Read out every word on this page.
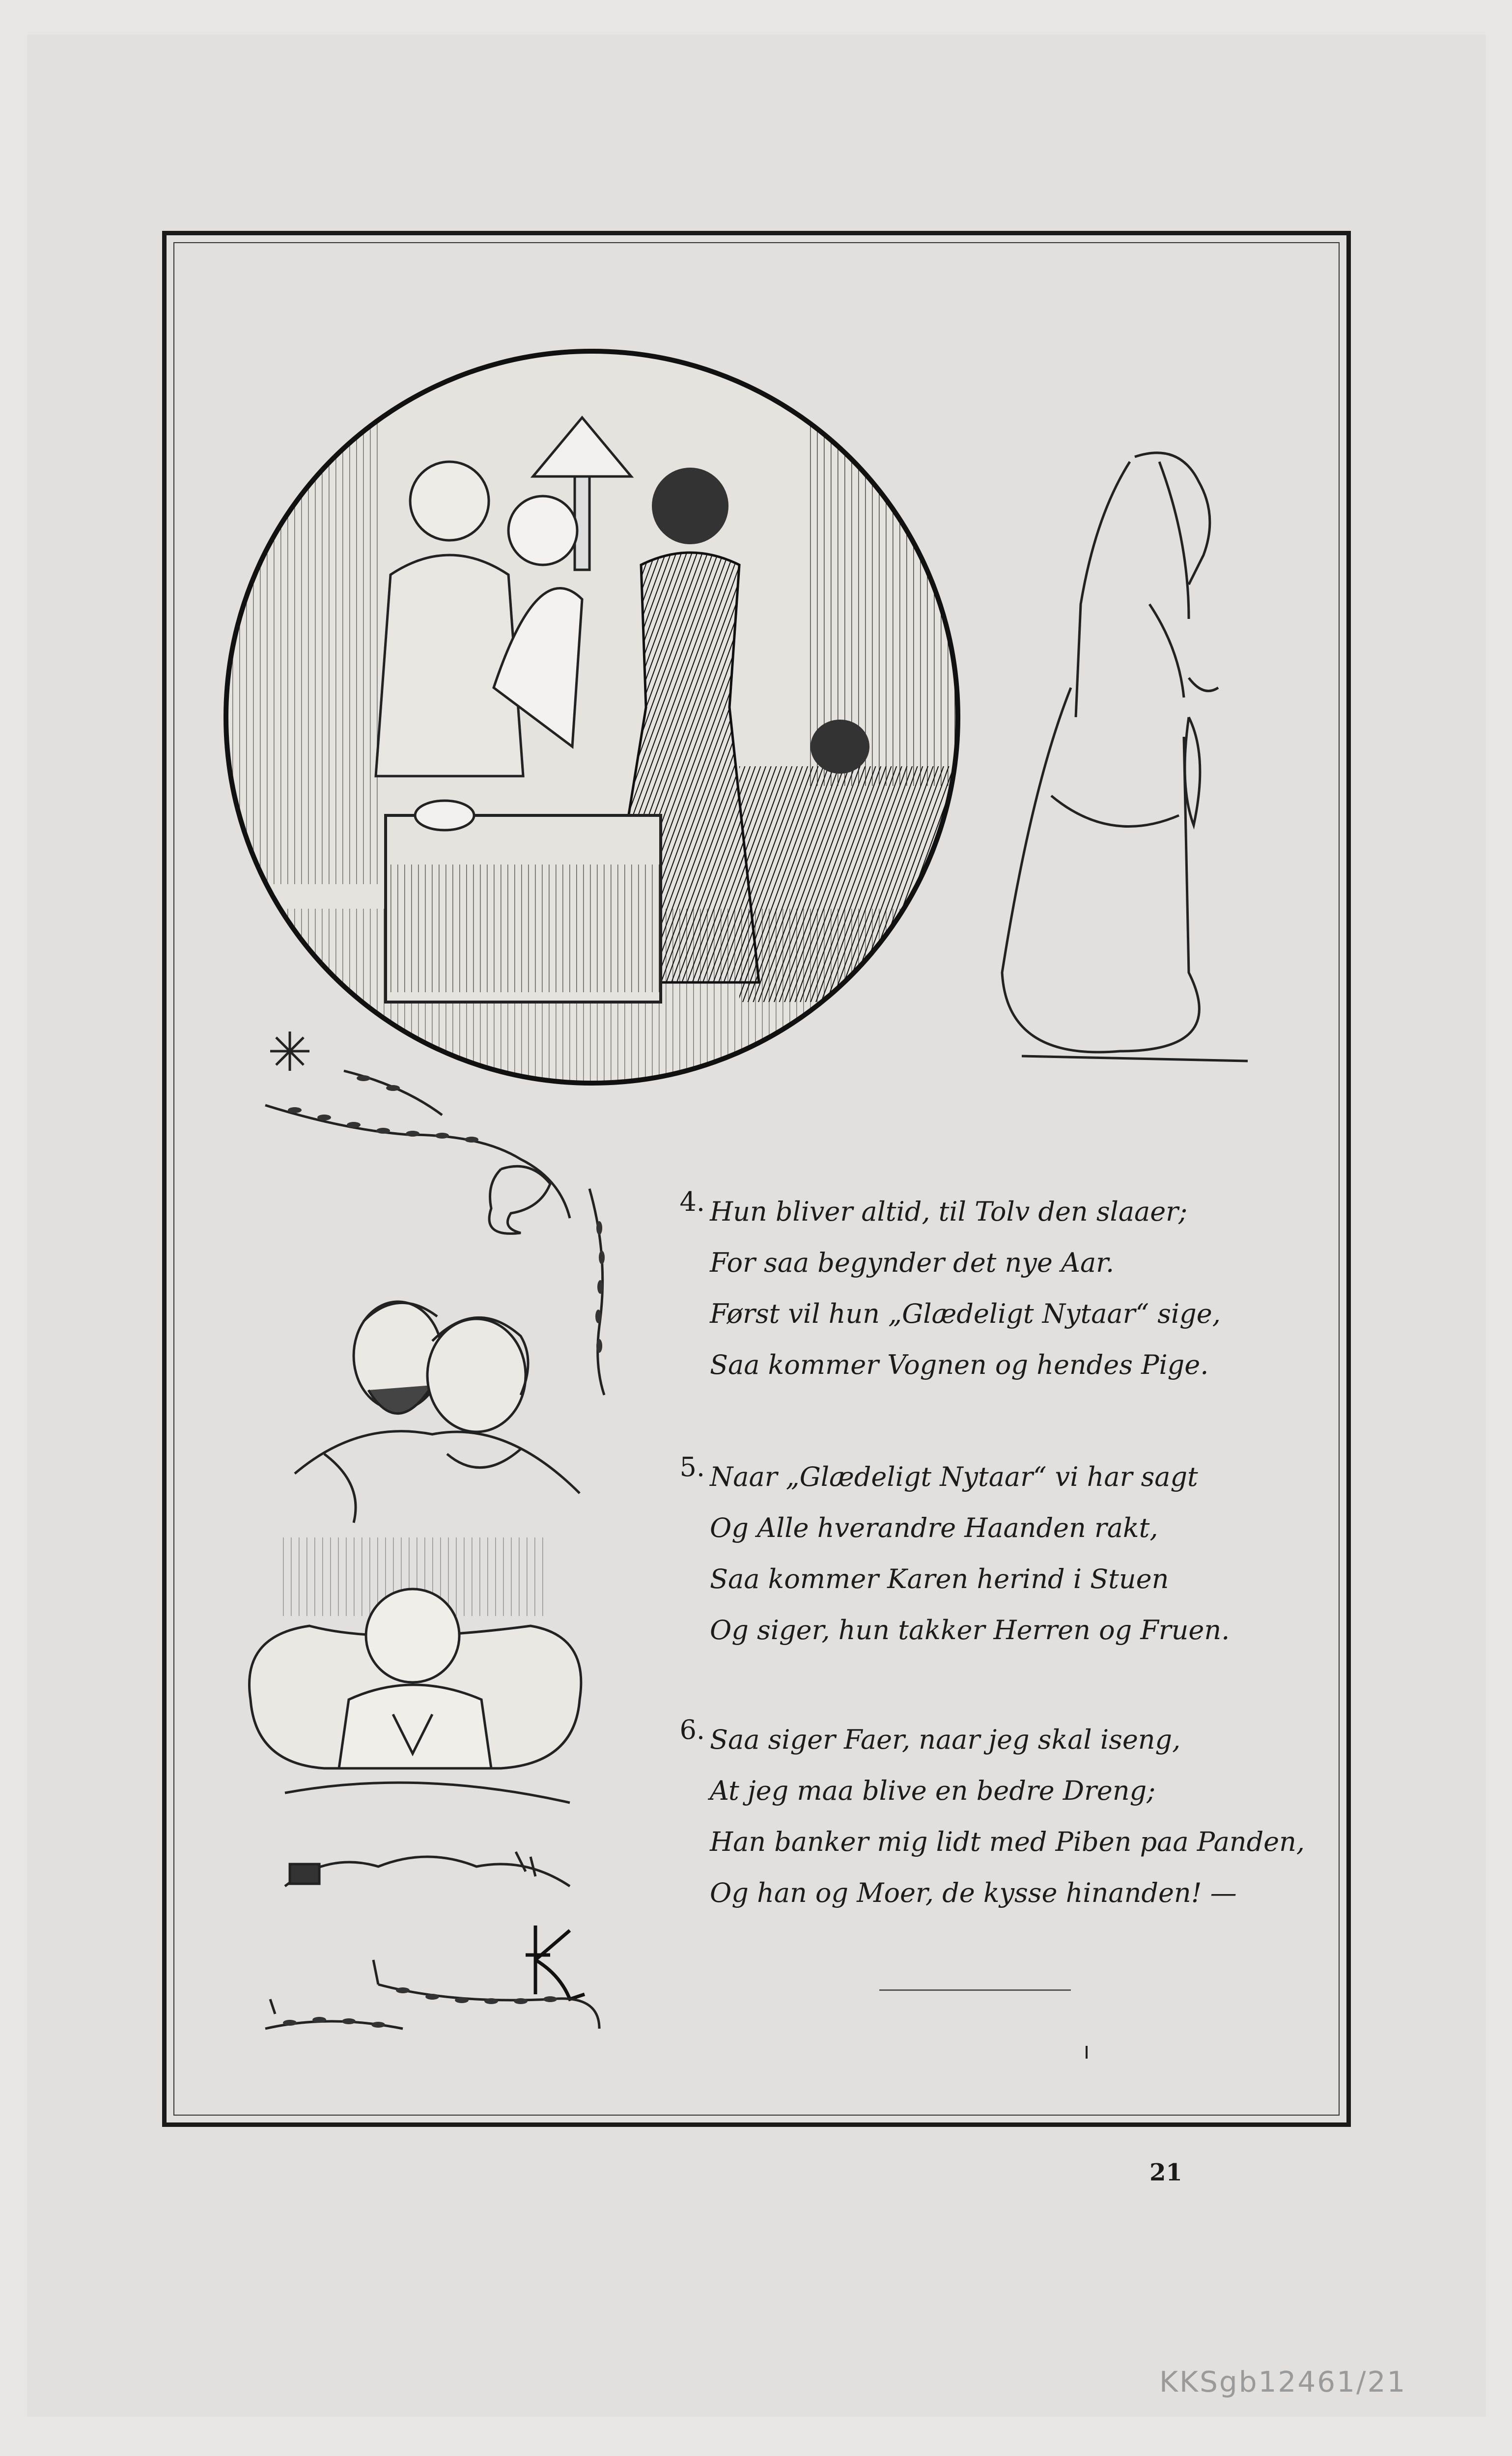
4. Hun bliver altid, til Tolv den slaaer;
For saa begynder det nye Aar.
Først vil hun „Glædeligt Nytaar“ sige,
Saa kommer Vognen og hendes Pige.
5. Naar „Glædeligt Nytaar“ vi har sagt
Og Alle hverandre Haanden rakt,
Saa kommer Karen herind i Stuen
Og siger, hun takker Herren og Fruen.
6. Saa siger Faer, naar jeg skal iseng,
At jeg maa blive en bedre Dreng;
Han banker mig lidt med Piben paa Panden,
Og han og Moer, de kysse hinanden! —
21
KKSgb12461/21
